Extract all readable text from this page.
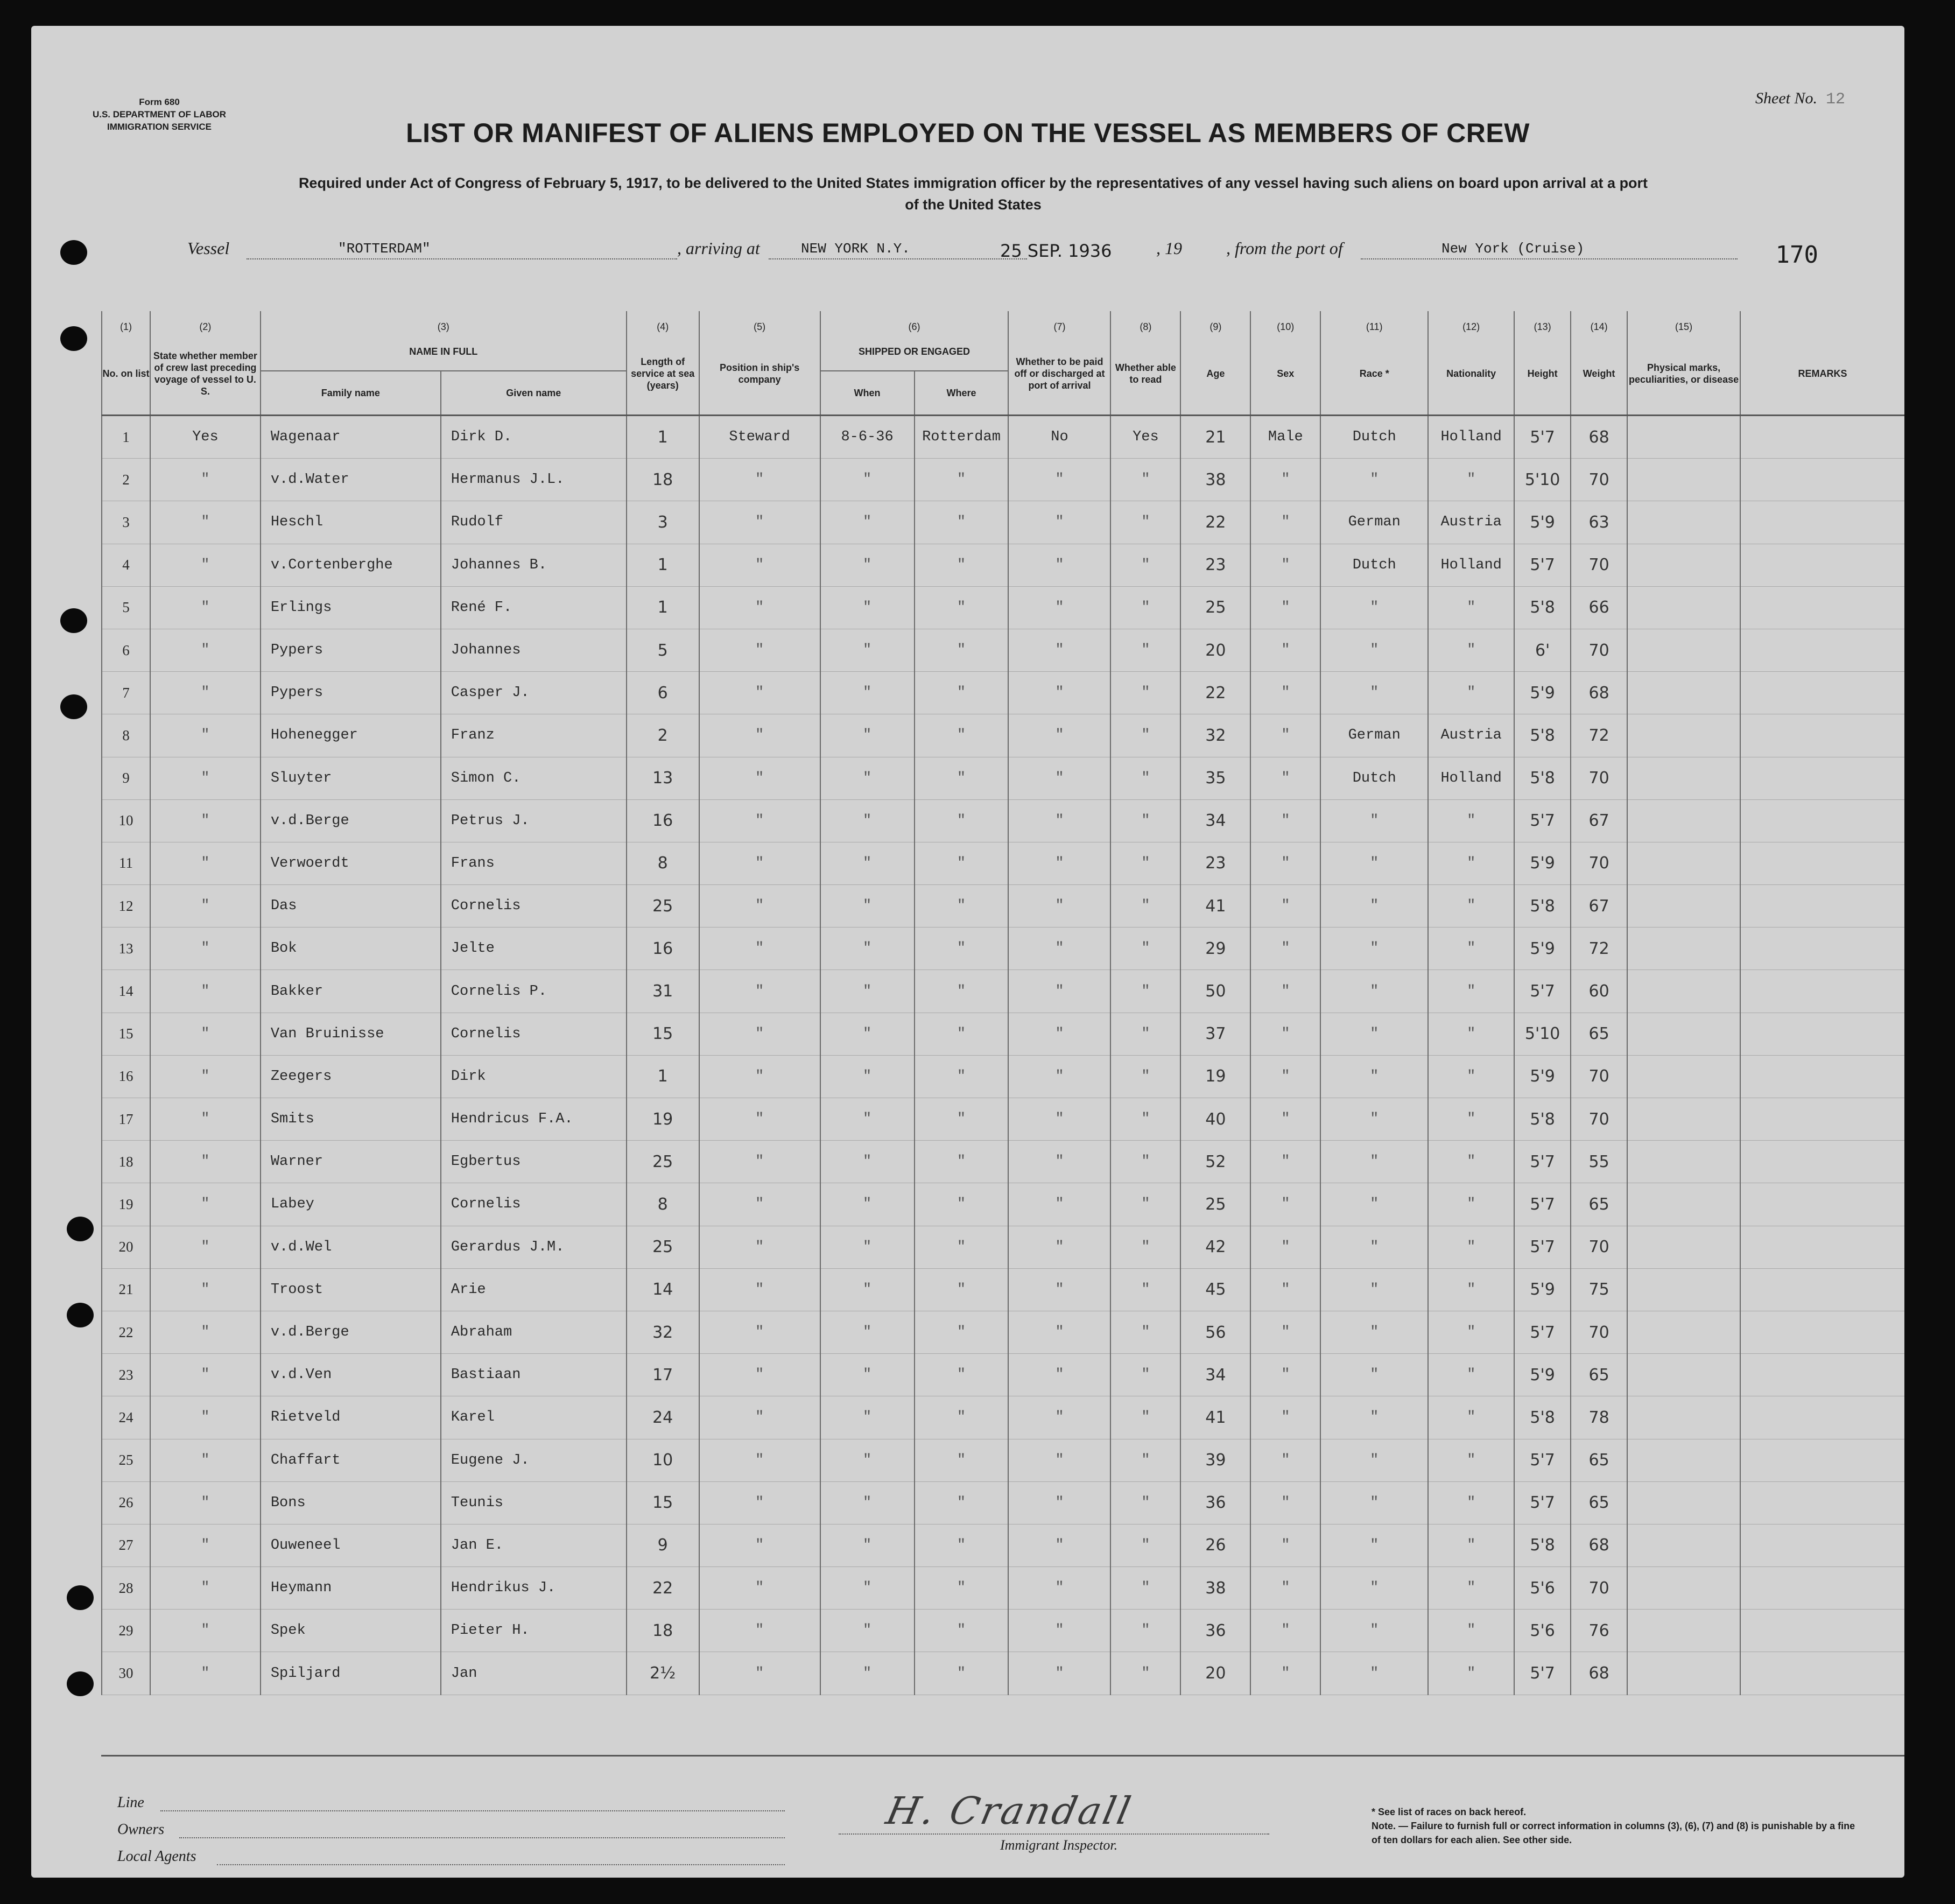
Form 680
U.S. DEPARTMENT OF LABOR
IMMIGRATION SERVICE
Sheet No. 12
LIST OR MANIFEST OF ALIENS EMPLOYED ON THE VESSEL AS MEMBERS OF CREW
Required under Act of Congress of February 5, 1917, to be delivered to the United States immigration officer by the representatives of any vessel having such aliens on board upon arrival at a port
of the United States
170
Vessel	"ROTTERDAM"	, arriving at	NEW YORK N.Y.	25 SEP. 1936	, 19	, from the port of	New York (Cruise)
(1)	(2)	(3)		(4)	(5)	(6)		(7)	(8)	(9)	(10)	(11)	(12)	(13)	(14)	(15)	
No. on list	State whether member of crew last preceding voyage of vessel to U. S.	NAME IN FULL		Length of service at sea (years)	Position in ship's company	SHIPPED OR ENGAGED		Whether to be paid off or discharged at port of arrival	Whether able to read	Age	Sex	Race *	Nationality	Height	Weight	Physical marks, peculiarities, or disease	REMARKS
		Family name	Given name			When	Where										
1	Yes	Wagenaar	Dirk D.	1	Steward	8-6-36	Rotterdam	No	Yes	21	Male	Dutch	Holland	5'7	68		
2	"	v.d.Water	Hermanus J.L.	18	"	"	"	"	"	38	"	"	"	5'10	70		
3	"	Heschl	Rudolf	3	"	"	"	"	"	22	"	German	Austria	5'9	63		
4	"	v.Cortenberghe	Johannes B.	1	"	"	"	"	"	23	"	Dutch	Holland	5'7	70		
5	"	Erlings	René F.	1	"	"	"	"	"	25	"	"	"	5'8	66		
6	"	Pypers	Johannes	5	"	"	"	"	"	20	"	"	"	6'	70		
7	"	Pypers	Casper J.	6	"	"	"	"	"	22	"	"	"	5'9	68		
8	"	Hohenegger	Franz	2	"	"	"	"	"	32	"	German	Austria	5'8	72		
9	"	Sluyter	Simon C.	13	"	"	"	"	"	35	"	Dutch	Holland	5'8	70		
10	"	v.d.Berge	Petrus J.	16	"	"	"	"	"	34	"	"	"	5'7	67		
11	"	Verwoerdt	Frans	8	"	"	"	"	"	23	"	"	"	5'9	70		
12	"	Das	Cornelis	25	"	"	"	"	"	41	"	"	"	5'8	67		
13	"	Bok	Jelte	16	"	"	"	"	"	29	"	"	"	5'9	72		
14	"	Bakker	Cornelis P.	31	"	"	"	"	"	50	"	"	"	5'7	60		
15	"	Van Bruinisse	Cornelis	15	"	"	"	"	"	37	"	"	"	5'10	65		
16	"	Zeegers	Dirk	1	"	"	"	"	"	19	"	"	"	5'9	70		
17	"	Smits	Hendricus F.A.	19	"	"	"	"	"	40	"	"	"	5'8	70		
18	"	Warner	Egbertus	25	"	"	"	"	"	52	"	"	"	5'7	55		
19	"	Labey	Cornelis	8	"	"	"	"	"	25	"	"	"	5'7	65		
20	"	v.d.Wel	Gerardus J.M.	25	"	"	"	"	"	42	"	"	"	5'7	70		
21	"	Troost	Arie	14	"	"	"	"	"	45	"	"	"	5'9	75		
22	"	v.d.Berge	Abraham	32	"	"	"	"	"	56	"	"	"	5'7	70		
23	"	v.d.Ven	Bastiaan	17	"	"	"	"	"	34	"	"	"	5'9	65		
24	"	Rietveld	Karel	24	"	"	"	"	"	41	"	"	"	5'8	78		
25	"	Chaffart	Eugene J.	10	"	"	"	"	"	39	"	"	"	5'7	65		
26	"	Bons	Teunis	15	"	"	"	"	"	36	"	"	"	5'7	65		
27	"	Ouweneel	Jan E.	9	"	"	"	"	"	26	"	"	"	5'8	68		
28	"	Heymann	Hendrikus J.	22	"	"	"	"	"	38	"	"	"	5'6	70		
29	"	Spek	Pieter H.	18	"	"	"	"	"	36	"	"	"	5'6	76		
30	"	Spiljard	Jan	2½	"	"	"	"	"	20	"	"	"	5'7	68		
Line
Owners
Local Agents
H. Crandall
Immigrant Inspector.
* See list of races on back hereof.
Note. — Failure to furnish full or correct information in columns (3), (6), (7) and (8) is punishable by a fine of ten dollars for each alien. See other side.
